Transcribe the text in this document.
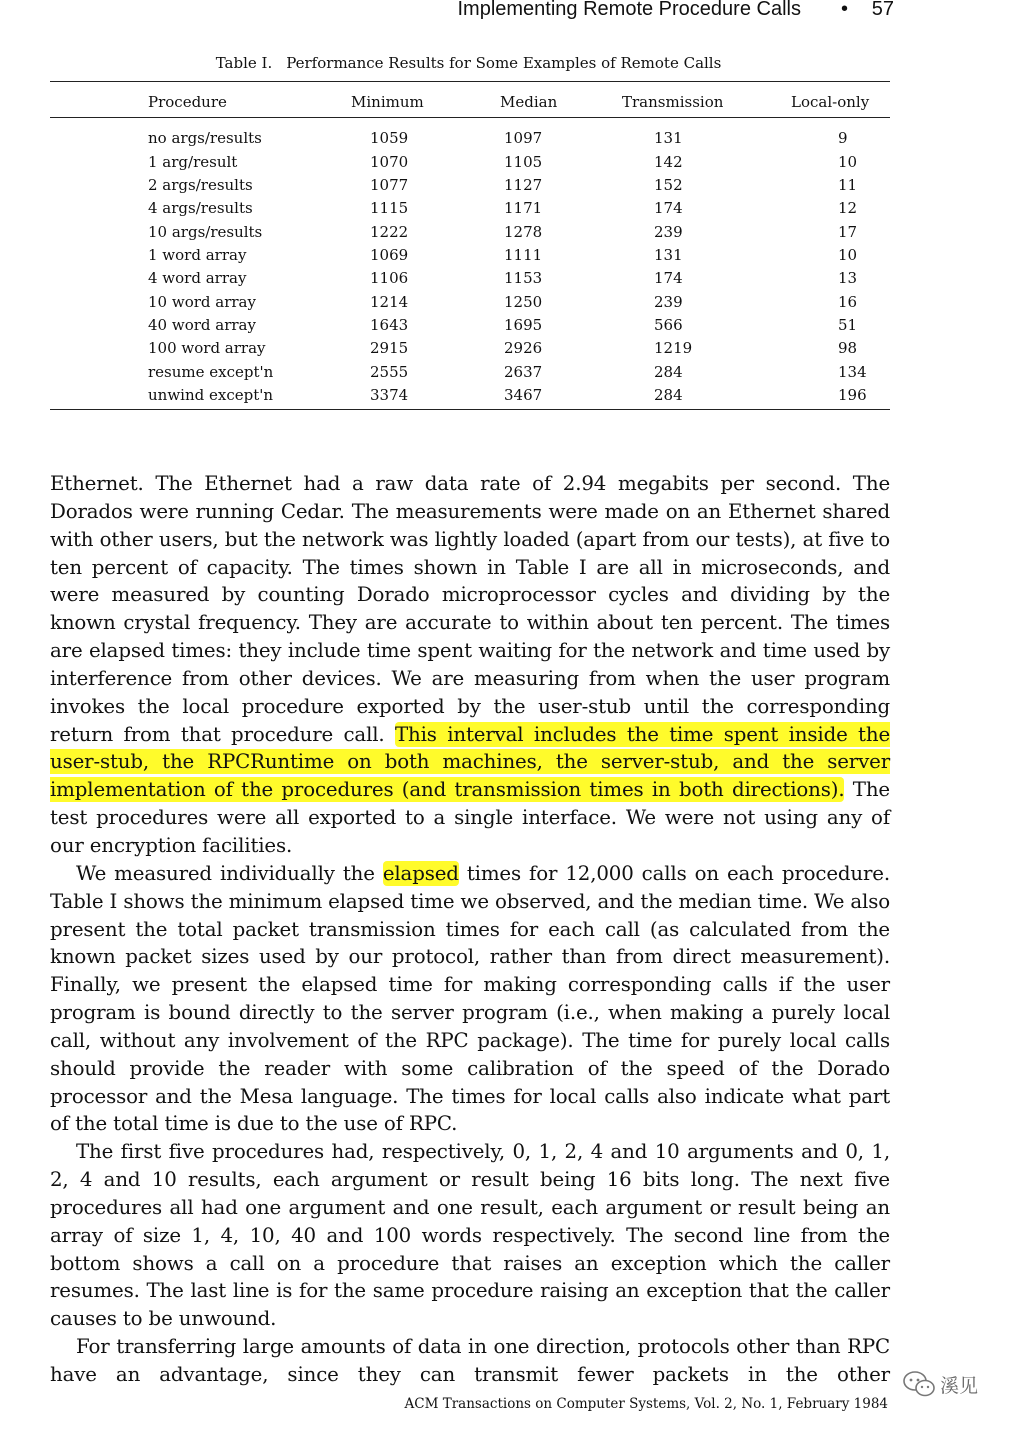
Implementing Remote Procedure Calls • 57
Table I. Performance Results for Some Examples of Remote Calls
Procedure	Minimum	Median	Transmission	Local-only

no args/results	1059	1097	131	9
1 arg/result	1070	1105	142	10
2 args/results	1077	1127	152	11
4 args/results	1115	1171	174	12
10 args/results	1222	1278	239	17
1 word array	1069	1111	131	10
4 word array	1106	1153	174	13
10 word array	1214	1250	239	16
40 word array	1643	1695	566	51
100 word array	2915	2926	1219	98
resume except'n	2555	2637	284	134
unwind except'n	3374	3467	284	196

Ethernet. The Ethernet had a raw data rate of 2.94 megabits per second. The Dorados were running Cedar. The measurements were made on an Ethernet shared with other users, but the network was lightly loaded (apart from our tests), at five to ten percent of capacity. The times shown in Table I are all in microseconds, and were measured by counting Dorado microprocessor cycles and dividing by the known crystal frequency. They are accurate to within about ten percent. The times are elapsed times: they include time spent waiting for the network and time used by interference from other devices. We are measuring from when the user program invokes the local procedure exported by the user-stub until the corresponding return from that procedure call. This interval includes the time spent inside the user-stub, the RPCRuntime on both machines, the server-stub, and the server implementation of the procedures (and transmission times in both directions). The test procedures were all exported to a single interface. We were not using any of our encryption facilities.

We measured individually the elapsed times for 12,000 calls on each procedure. Table I shows the minimum elapsed time we observed, and the median time. We also present the total packet transmission times for each call (as calculated from the known packet sizes used by our protocol, rather than from direct measurement). Finally, we present the elapsed time for making corresponding calls if the user program is bound directly to the server program (i.e., when making a purely local call, without any involvement of the RPC package). The time for purely local calls should provide the reader with some calibration of the speed of the Dorado processor and the Mesa language. The times for local calls also indicate what part of the total time is due to the use of RPC.

The first five procedures had, respectively, 0, 1, 2, 4 and 10 arguments and 0, 1, 2, 4 and 10 results, each argument or result being 16 bits long. The next five procedures all had one argument and one result, each argument or result being an array of size 1, 4, 10, 40 and 100 words respectively. The second line from the bottom shows a call on a procedure that raises an exception which the caller resumes. The last line is for the same procedure raising an exception that the caller causes to be unwound.

For transferring large amounts of data in one direction, protocols other than RPC have an advantage, since they can transmit fewer packets in the other

ACM Transactions on Computer Systems, Vol. 2, No. 1, February 1984
溪见
